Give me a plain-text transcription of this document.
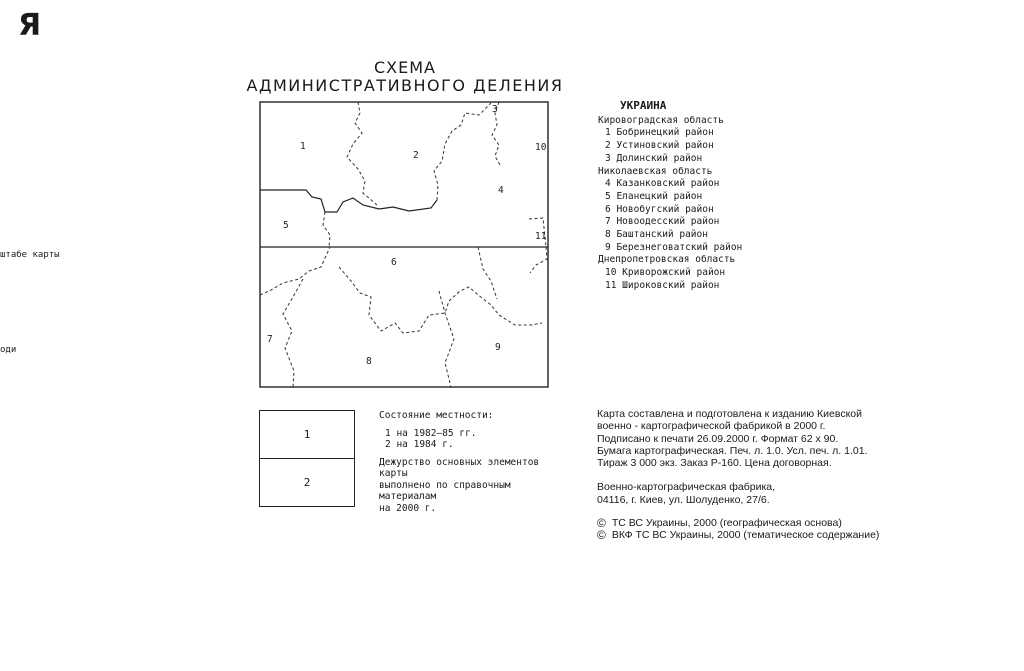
Я
штабе карты
оди
СХЕМА
АДМИНИСТРАТИВНОГО ДЕЛЕНИЯ
1
2
3
4
5
6
7
8
9
10
11
УКРАИНА
Кировоградская область
1 Бобринецкий район
2 Устиновский район
3 Долинский район
Николаевская область
4 Казанковский район
5 Еланецкий район
6 Новобугский район
7 Новоодесский район
8 Баштанский район
9 Березнеговатский район
Днепропетровская область
10 Криворожский район
11 Широковский район
1
2
Состояние местности:
1 на 1982–85 гг.
2 на 1984 г.
Дежурство основных элементов карты
выполнено по справочным материалам
на 2000 г.
Карта составлена и подготовлена к изданию Киевской
военно - картографической фабрикой в 2000 г.
Подписано к печати 26.09.2000 г. Формат 62 х 90.
Бумага картографическая. Печ. л. 1.0. Усл. печ. л. 1.01.
Тираж 3 000 экз. Заказ Р-160. Цена договорная.
Военно-картографическая фабрика,
04116, г. Киев, ул. Шолуденко, 27/6.
© ТС ВС Украины, 2000 (географическая основа)
© ВКФ ТС ВС Украины, 2000 (тематическое содержание)
